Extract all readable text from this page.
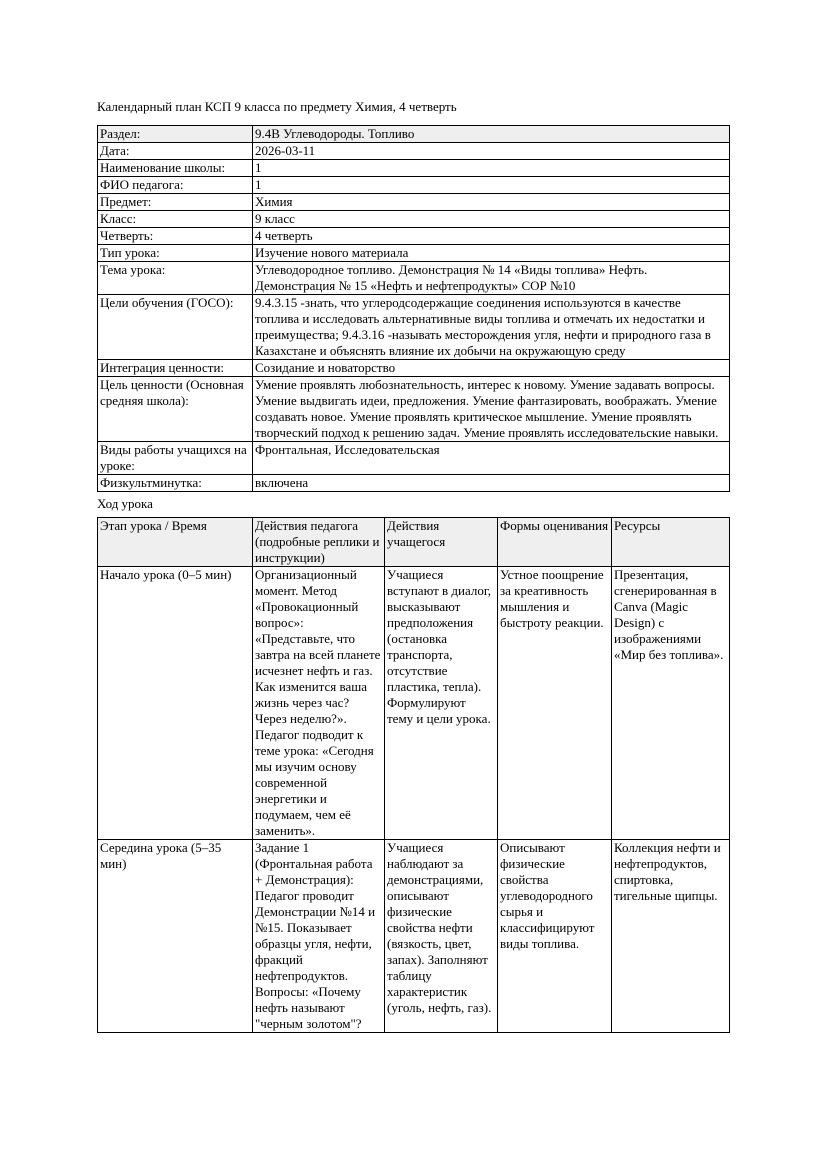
Календарный план КСП 9 класса по предмету Химия, 4 четверть

Раздел:	9.4В Углеводороды. Топливо
Дата:	2026-03-11
Наименование школы:	1
ФИО педагога:	1
Предмет:	Химия
Класс:	9 класс
Четверть:	4 четверть
Тип урока:	Изучение нового материала
Тема урока:	Углеводородное топливо. Демонстрация № 14 «Виды топлива» Нефть. Демонстрация № 15 «Нефть и нефтепродукты» СОР №10
Цели обучения (ГОСО):	9.4.3.15 -знать, что углеродсодержащие соединения используются в качестве топлива и исследовать альтернативные виды топлива и отмечать их недостатки и преимущества; 9.4.3.16 -называть месторождения угля, нефти и природного газа в Казахстане и объяснять влияние их добычи на окружающую среду
Интеграция ценности:	Созидание и новаторство
Цель ценности (Основная средняя школа):	Умение проявлять любознательность, интерес к новому. Умение задавать вопросы. Умение выдвигать идеи, предложения. Умение фантазировать, воображать. Умение создавать новое. Умение проявлять критическое мышление. Умение проявлять творческий подход к решению задач. Умение проявлять исследовательские навыки.
Виды работы учащихся на уроке:	Фронтальная, Исследовательская
Физкультминутка:	включена

Ход урока

Этап урока / Время	Действия педагога (подробные реплики и инструкции)	Действия учащегося	Формы оценивания	Ресурсы
Начало урока (0–5 мин)	Организационный момент. Метод «Провокационный вопрос»: «Представьте, что завтра на всей планете исчезнет нефть и газ. Как изменится ваша жизнь через час? Через неделю?». Педагог подводит к теме урока: «Сегодня мы изучим основу современной энергетики и подумаем, чем её заменить».	Учащиеся вступают в диалог, высказывают предположения (остановка транспорта, отсутствие пластика, тепла). Формулируют тему и цели урока.	Устное поощрение за креативность мышления и быстроту реакции.	Презентация, сгенерированная в Canva (Magic Design) с изображениями «Мир без топлива».
Середина урока (5–35 мин)	Задание 1 (Фронтальная работа + Демонстрация): Педагог проводит Демонстрации №14 и №15. Показывает образцы угля, нефти, фракций нефтепродуктов. Вопросы: «Почему нефть называют "черным золотом"?	Учащиеся наблюдают за демонстрациями, описывают физические свойства нефти (вязкость, цвет, запах). Заполняют таблицу характеристик (уголь, нефть, газ).	Описывают физические свойства углеводородного сырья и классифицируют виды топлива.	Коллекция нефти и нефтепродуктов, спиртовка, тигельные щипцы.
